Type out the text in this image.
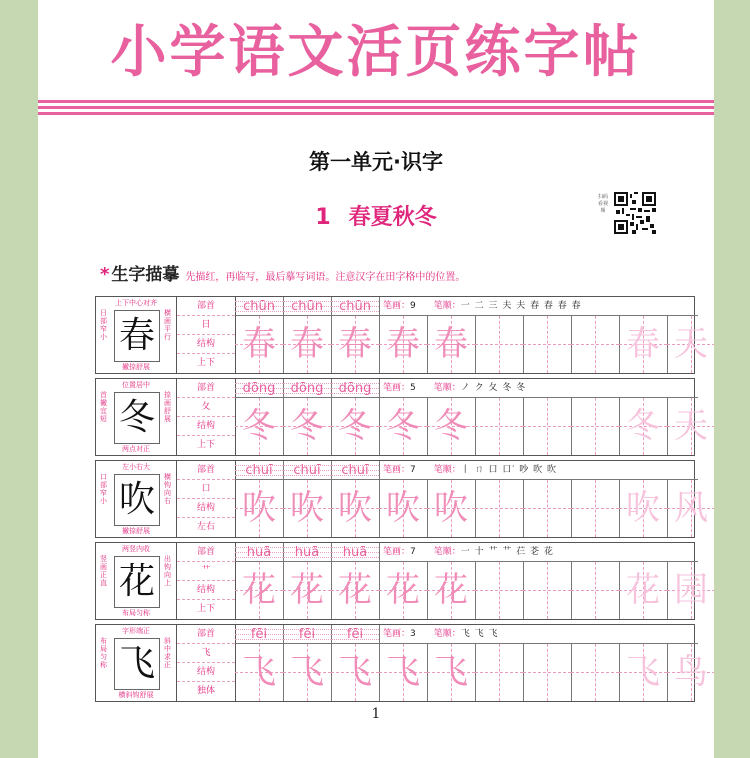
小学语文活页练字帖
第一单元·识字
1 春夏秋冬
扫码看视频
* 生字描摹 先描红，再临写，最后摹写词语。注意汉字在田字格中的位置。
上下中心对齐
日部窄小
横画平行
撇捺舒展
春
部首
日
结构
上下
chūn	chūn	chūn	笔画：9 笔顺：一 二 三 夫 夫 春 春 春 春
春 春 春 春 春	春 天
位置居中
首撇宜短
捺画舒展
两点对正
冬
部首
夂
结构
上下
dōng	dōng	dōng	笔画：5 笔顺：ノ ク 夂 冬 冬
冬 冬 冬 冬 冬	冬 天
左小右大
口部窄小
横钩向右
撇捺舒展
吹
部首
口
结构
左右
chuī	chuī	chuī	笔画：7 笔顺：丨 ㄇ 口 口′ 吵 吹 吹
吹 吹 吹 吹 吹	吹 风
两竖内收
竖画正直
出钩向上
布局匀称
花
部首
艹
结构
上下
huā	huā	huā	笔画：7 笔顺：一 十 艹 艹 芢 芲 花
花 花 花 花 花	花 园
字形端正
布局匀称
斜中求正
横斜钩舒展
飞
部首
飞
结构
独体
fēi	fēi	fēi	笔画：3 笔顺：飞 飞 飞
飞 飞 飞 飞 飞	飞 鸟
1
